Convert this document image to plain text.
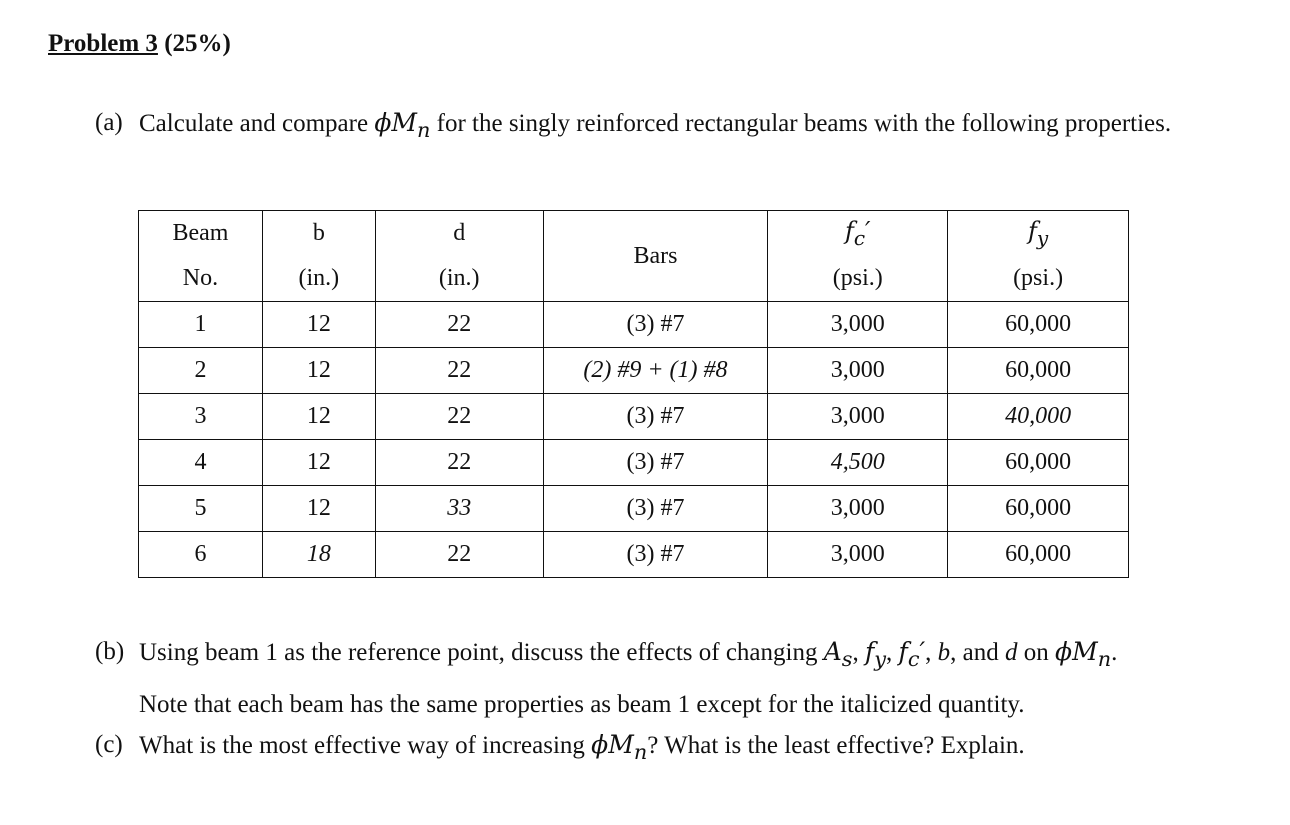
Problem 3 (25%)
(a) Calculate and compare $\phi M_n$ for the singly reinforced rectangular beams with the following properties.
Beam	b	d	Bars	$f_c'$	$f_y$
No.	(in.)	(in.)		(psi.)	(psi.)
1	12	22	(3) #7	3,000	60,000
2	12	22	(2) #9 + (1) #8	3,000	60,000
3	12	22	(3) #7	3,000	40,000
4	12	22	(3) #7	4,500	60,000
5	12	33	(3) #7	3,000	60,000
6	18	22	(3) #7	3,000	60,000
(b) Using beam 1 as the reference point, discuss the effects of changing $A_s$, $f_y$, $f_c'$, b, and d on $\phi M_n$.
Note that each beam has the same properties as beam 1 except for the italicized quantity.
(c) What is the most effective way of increasing $\phi M_n$? What is the least effective? Explain.
